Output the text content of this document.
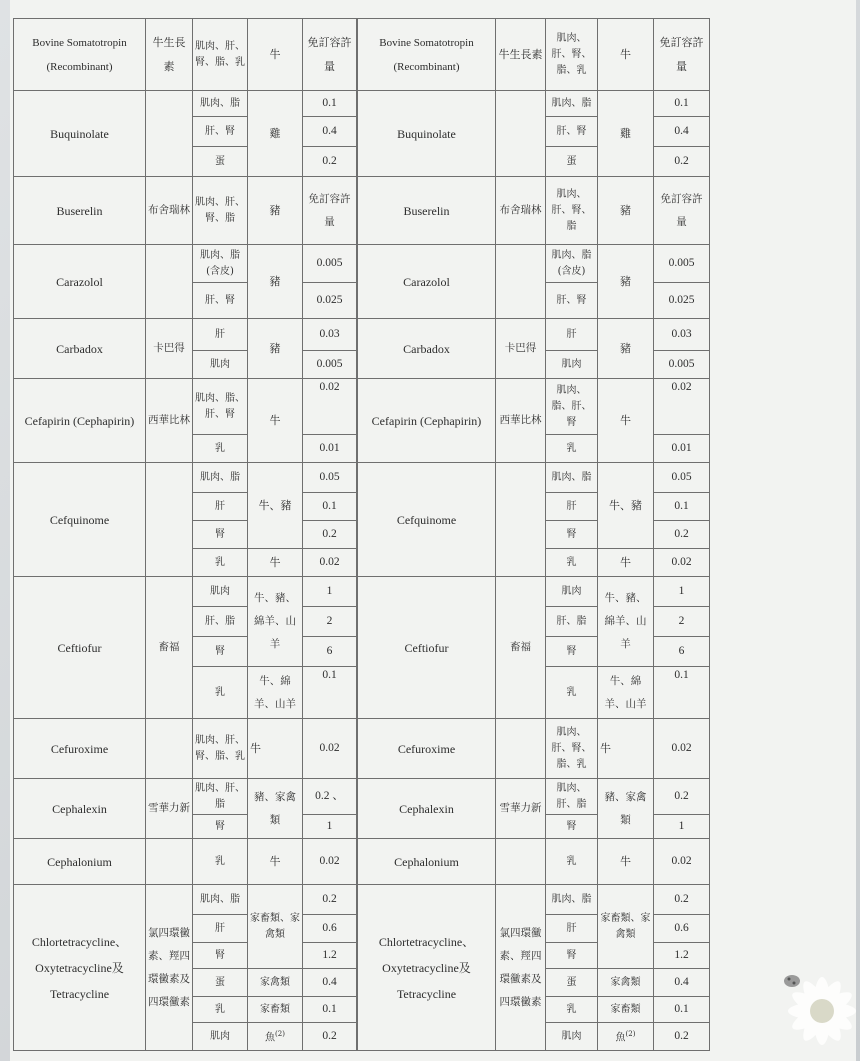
Bovine Somatotropin (Recombinant)	牛生長素	肌肉、肝、腎、脂、乳	牛	免訂容許量
Buquinolate		肌肉、脂	雞	0.1
		肝、腎		0.4
		蛋		0.2
Buserelin	布舍瑞林	肌肉、肝、腎、脂	豬	免訂容許量
Carazolol		肌肉、脂(含皮)	豬	0.005
		肝、腎		0.025
Carbadox	卡巴得	肝	豬	0.03
		肌肉		0.005
Cefapirin (Cephapirin)	西華比林	肌肉、脂、肝、腎	牛	0.02
		乳		0.01
Cefquinome		肌肉、脂	牛、豬	0.05
		肝		0.1
		腎		0.2
		乳	牛	0.02
Ceftiofur	畜福	肌肉	牛、豬、綿羊、山羊	1
		肝、脂		2
		腎		6
		乳	牛、綿羊、山羊	0.1
Cefuroxime		肌肉、肝、腎、脂、乳	牛	0.02
Cephalexin	雪華力新	肌肉、肝、脂	豬、家禽類	0.2 、
		腎		1
Cephalonium		乳	牛	0.02
Chlortetracycline、Oxytetracycline及Tetracycline	氯四環黴素、羥四環黴素及四環黴素	肌肉、脂	家畜類、家禽類	0.2
		肝		0.6
		腎		1.2
		蛋	家禽類	0.4
		乳	家畜類	0.1
		肌肉	魚$^{(2)}$	0.2
Bovine Somatotropin (Recombinant)	牛生長素	肌肉、肝、腎、脂、乳	牛	免訂容許量
Buquinolate		肌肉、脂	雞	0.1
		肝、腎		0.4
		蛋		0.2
Buserelin	布舍瑞林	肌肉、肝、腎、脂	豬	免訂容許量
Carazolol		肌肉、脂(含皮)	豬	0.005
		肝、腎		0.025
Carbadox	卡巴得	肝	豬	0.03
		肌肉		0.005
Cefapirin (Cephapirin)	西華比林	肌肉、脂、肝、腎	牛	0.02
		乳		0.01
Cefquinome		肌肉、脂	牛、豬	0.05
		肝		0.1
		腎		0.2
		乳	牛	0.02
Ceftiofur	畜福	肌肉	牛、豬、綿羊、山羊	1
		肝、脂		2
		腎		6
		乳	牛、綿羊、山羊	0.1
Cefuroxime		肌肉、肝、腎、脂、乳	牛	0.02
Cephalexin	雪華力新	肌肉、肝、脂	豬、家禽類	0.2
		腎		1
Cephalonium		乳	牛	0.02
Chlortetracycline、Oxytetracycline及Tetracycline	氯四環黴素、羥四環黴素及四環黴素	肌肉、脂	家畜類、家禽類	0.2
		肝		0.6
		腎		1.2
		蛋	家禽類	0.4
		乳	家畜類	0.1
		肌肉	魚$^{(2)}$	0.2
